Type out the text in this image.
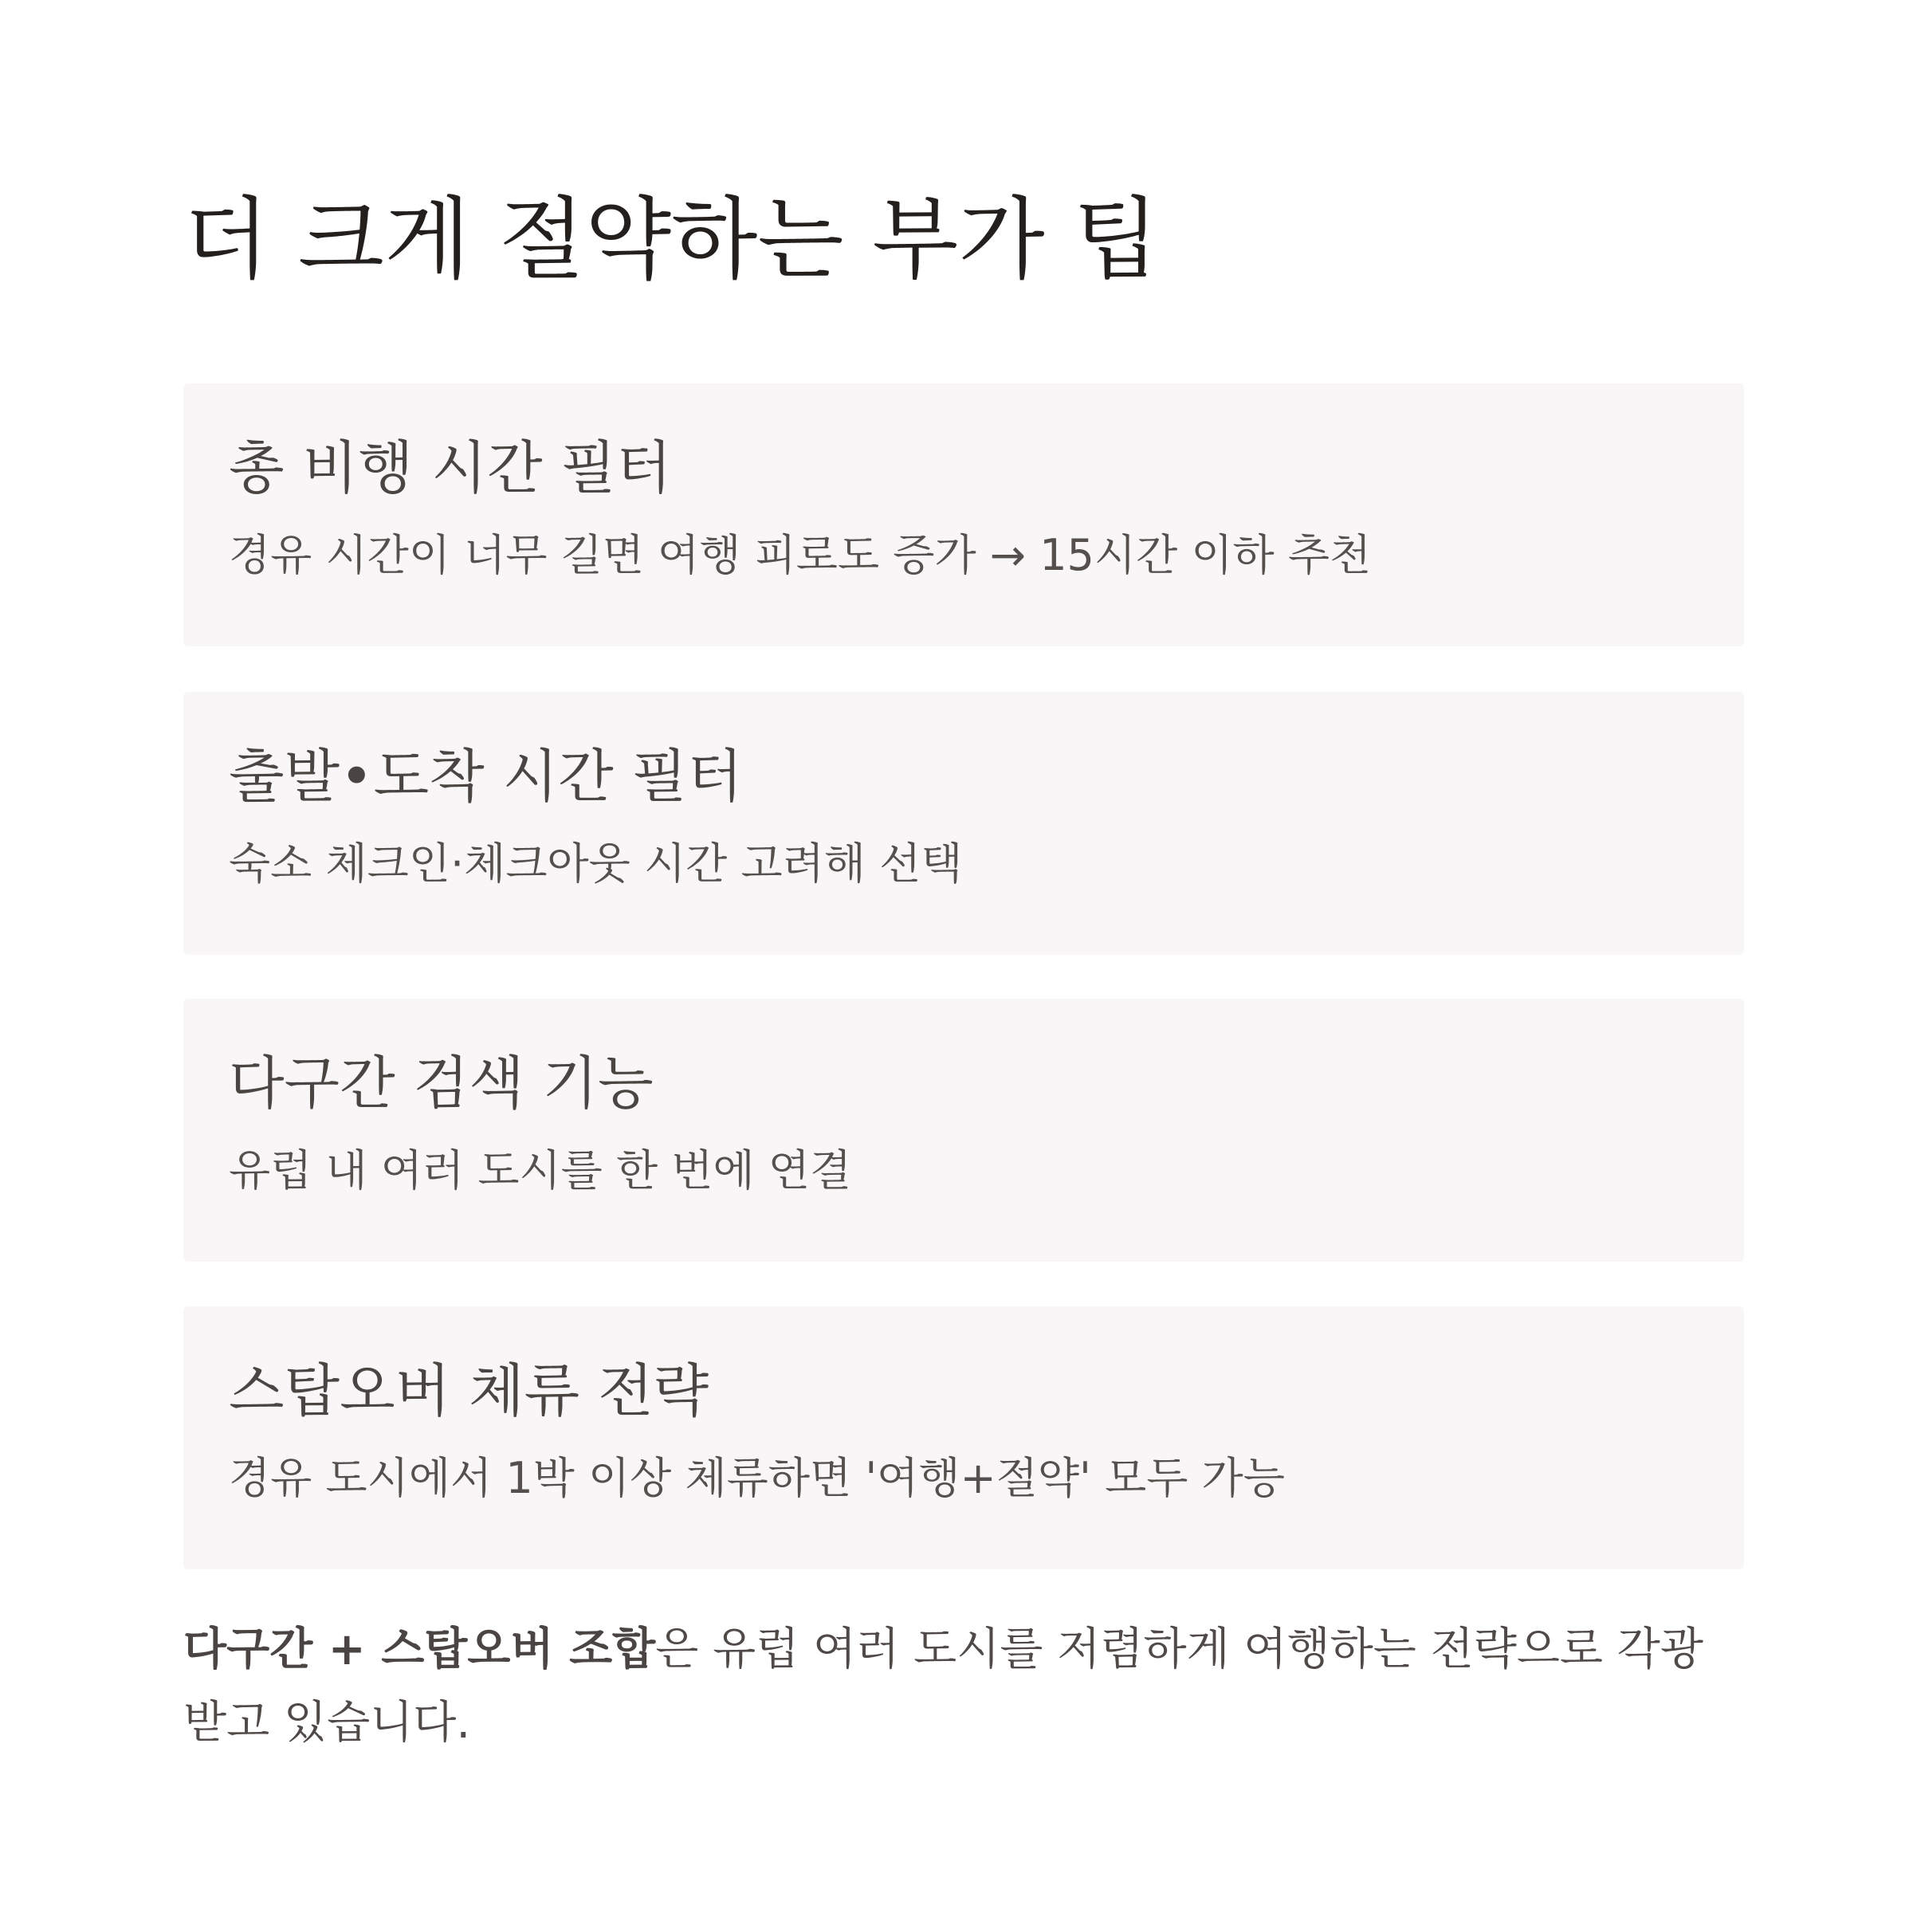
더 크게 절약하는 부가 팁
총 비행 시간 필터

경유 시간이 너무 길면 여행 피로도 증가 → 15시간 이하 추천

출발•도착 시간 필터

숙소 체크인·체크아웃 시간 고려해 선택

다구간 검색 기능

유럽 내 여러 도시를 한 번에 연결

스탑오버 체류 전략

경유 도시에서 1박 이상 체류하면 '여행+절약' 모두 가능

다구간 + 스탑오버 조합은 유럽 여러 도시를 저렴하게 여행하는 전략으로 각광받고 있습니다.
